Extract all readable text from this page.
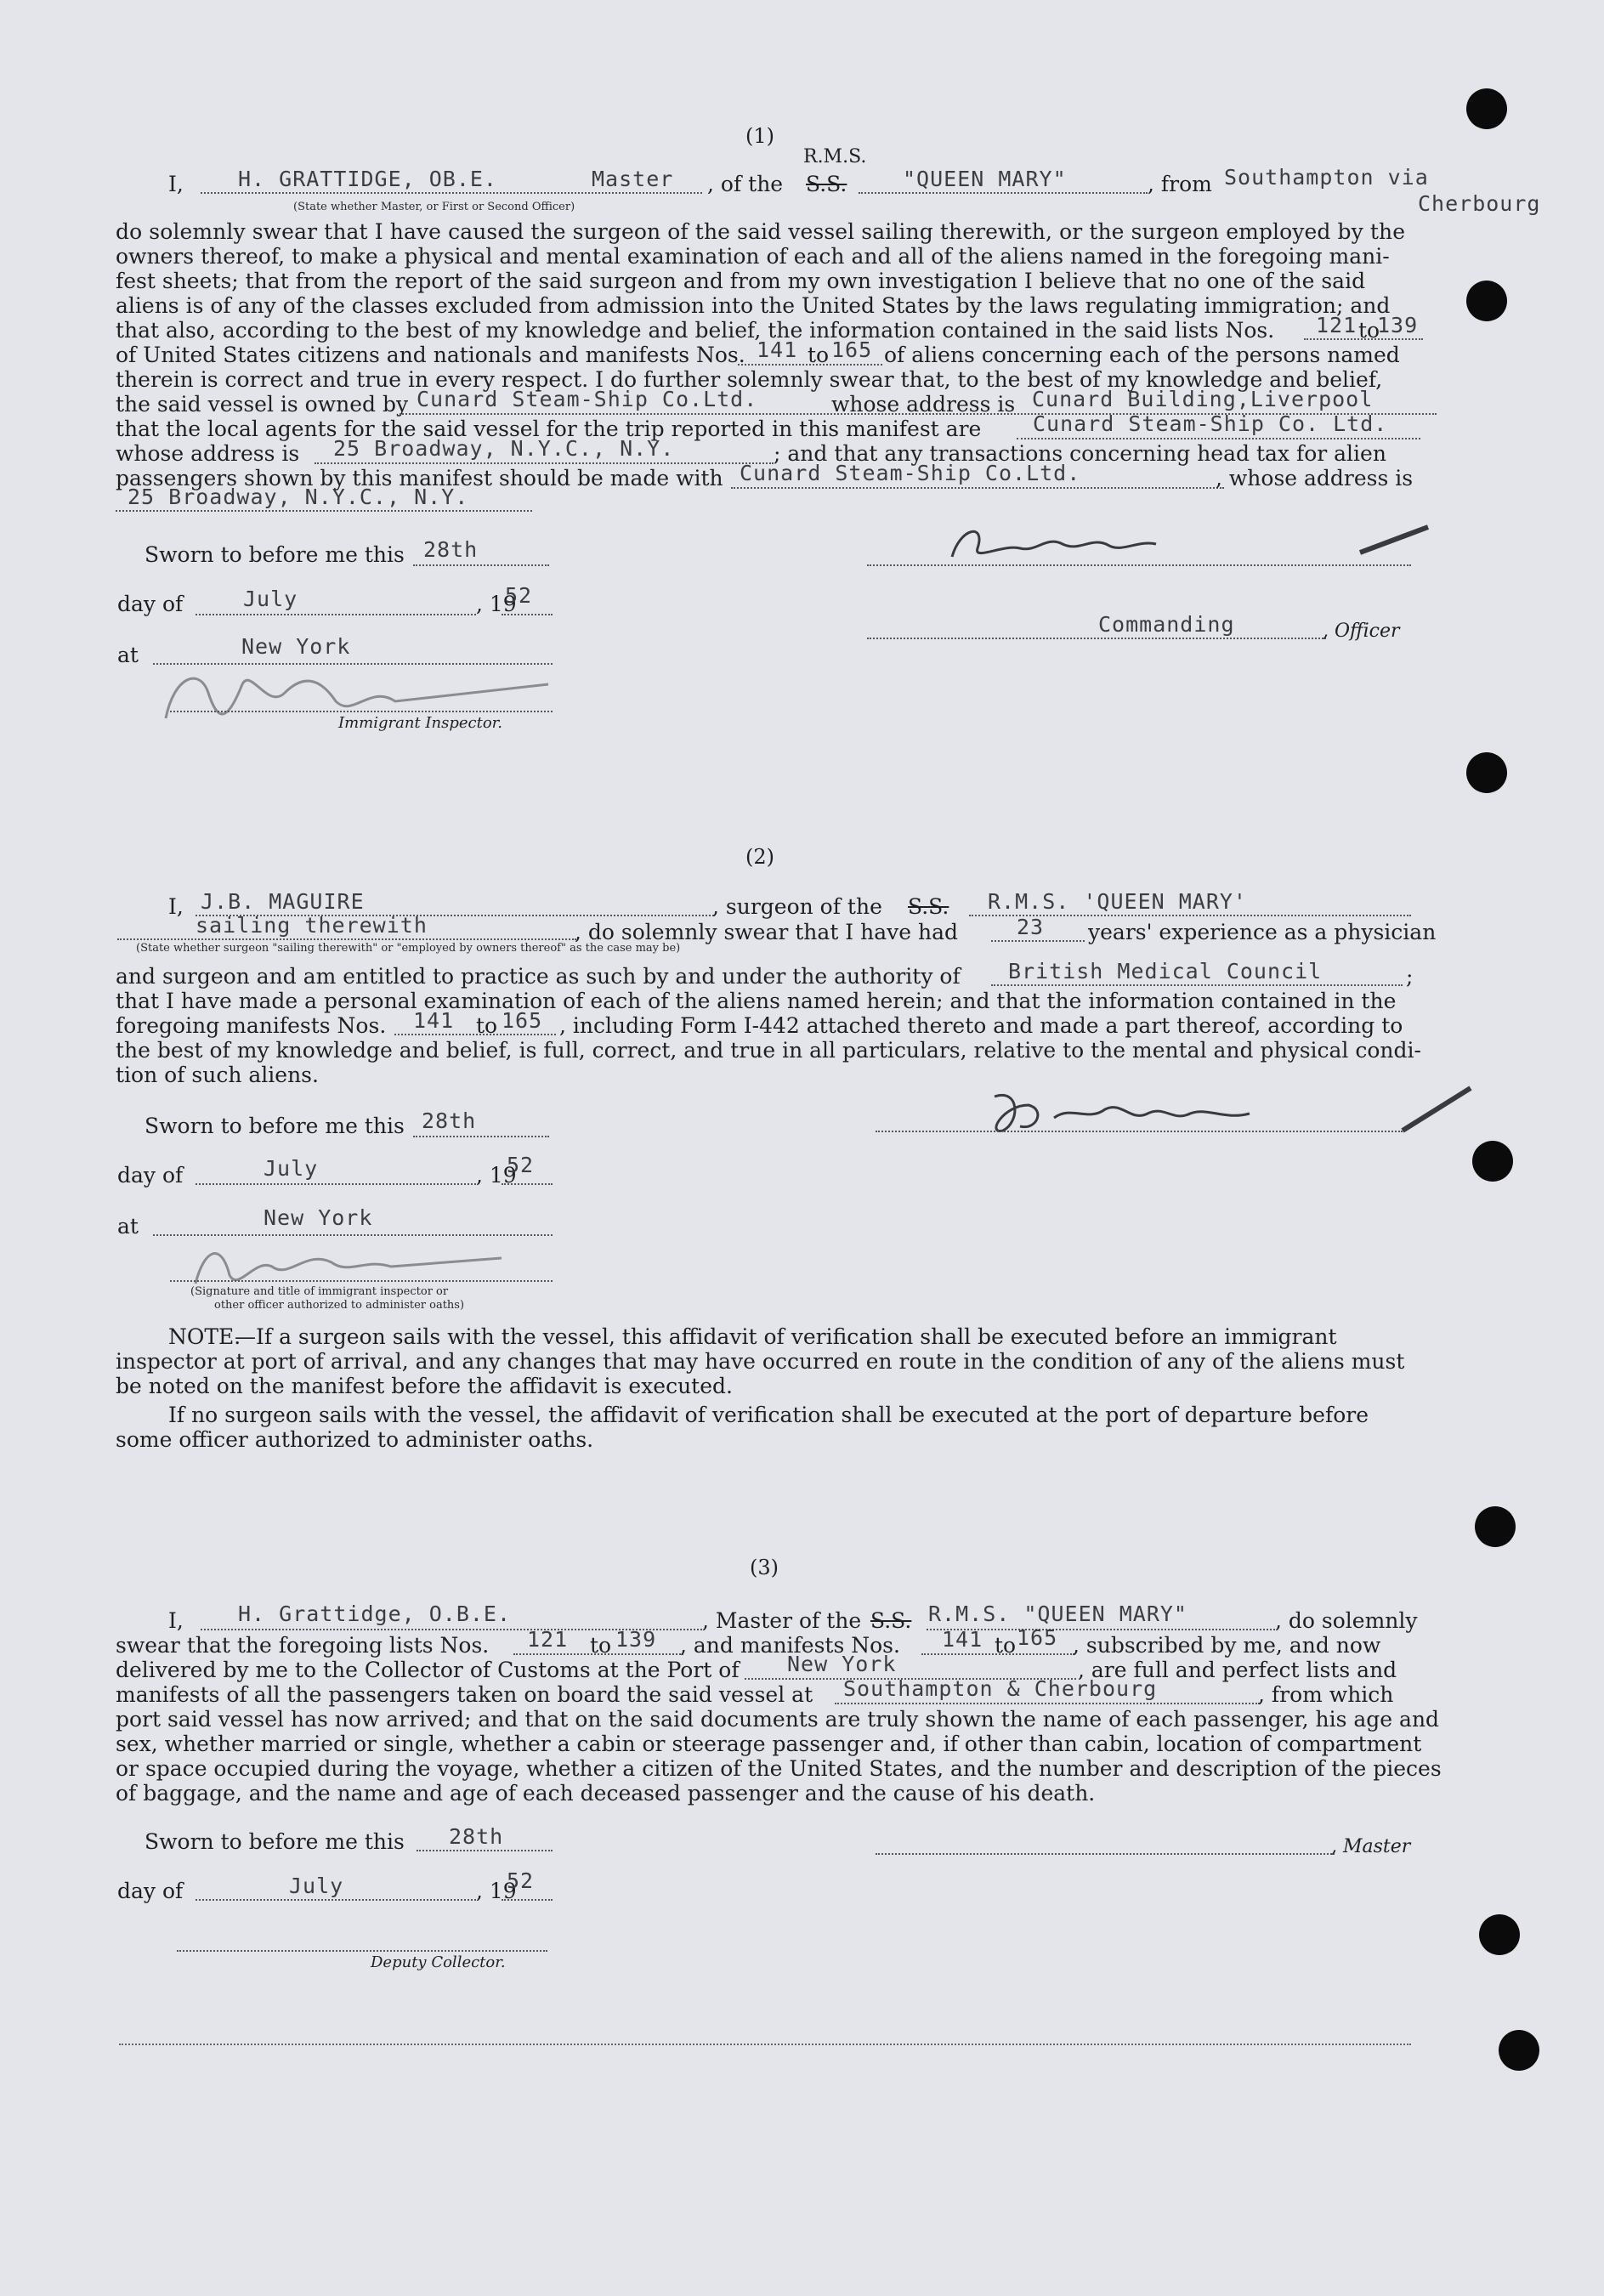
(1)
R.M.S.
I,	H. GRATTIDGE, OB.E.	Master , of the S.S.	"QUEEN MARY"	, from Southampton via
Cherbourg
(State whether Master, or First or Second Officer)
do solemnly swear that I have caused the surgeon of the said vessel sailing therewith, or the surgeon employed by the
owners thereof, to make a physical and mental examination of each and all of the aliens named in the foregoing mani-
fest sheets; that from the report of the said surgeon and from my own investigation I believe that no one of the said
aliens is of any of the classes excluded from admission into the United States by the laws regulating immigration; and
that also, according to the best of my knowledge and belief, the information contained in the said lists Nos. 121 to
139
of United States citizens and nationals and manifests Nos. 141 to 165 of aliens concerning each of the persons named
therein is correct and true in every respect. I do further solemnly swear that, to the best of my knowledge and belief,
the said vessel is owned by Cunard Steam-Ship Co.Ltd.	whose address is Cunard Building,Liverpool
that the local agents for the said vessel for the trip reported in this manifest are Cunard Steam-Ship Co. Ltd.
whose address is 25 Broadway, N.Y.C., N.Y.	; and that any transactions concerning head tax for alien
passengers shown by this manifest should be made with Cunard Steam-Ship Co.Ltd.	, whose address is
25 Broadway, N.Y.C., N.Y.
Sworn to before me this 28th
day of	July	, 19
52
at	New York
Immigrant Inspector.
Commanding	, Officer
(2)
I, J.B. MAGUIRE	, surgeon of the S.S. R.M.S. 'QUEEN MARY'
sailing therewith	, do solemnly swear that I have had	23 years' experience as a physician
(State whether surgeon "sailing therewith" or "employed by owners thereof" as the case may be)
and surgeon and am entitled to practice as such by and under the authority of British Medical Council	;
that I have made a personal examination of each of the aliens named herein; and that the information contained in the
foregoing manifests Nos. 141 to 165 , including Form I-442 attached thereto and made a part thereof, according to
the best of my knowledge and belief, is full, correct, and true in all particulars, relative to the mental and physical condi-
tion of such aliens.
Sworn to before me this 28th
day of	July	, 19
52
at	New York
(Signature and title of immigrant inspector or
other officer authorized to administer oaths)
NOTE.
—If a surgeon sails with the vessel, this affidavit of verification shall be executed before an immigrant
inspector at port of arrival, and any changes that may have occurred en route in the condition of any of the aliens must
be noted on the manifest before the affidavit is executed.
If no surgeon sails with the vessel, the affidavit of verification shall be executed at the port of departure before
some officer authorized to administer oaths.
(3)
I,	H. Grattidge, O.B.E.	, Master of the S.S. R.M.S. "QUEEN MARY"	, do solemnly
swear that the foregoing lists Nos. 121 to 139 , and manifests Nos. 141 to 165 , subscribed by me, and now
delivered by me to the Collector of Customs at the Port of New York	, are full and perfect lists and
manifests of all the passengers taken on board the said vessel at Southampton & Cherbourg	, from which
port said vessel has now arrived; and that on the said documents are truly shown the name of each passenger, his age and
sex, whether married or single, whether a cabin or steerage passenger and, if other than cabin, location of compartment
or space occupied during the voyage, whether a citizen of the United States, and the number and description of the pieces
of baggage, and the name and age of each deceased passenger and the cause of his death.
Sworn to before me this 28th
day of	July	, 19
52
Deputy Collector.
, Master
